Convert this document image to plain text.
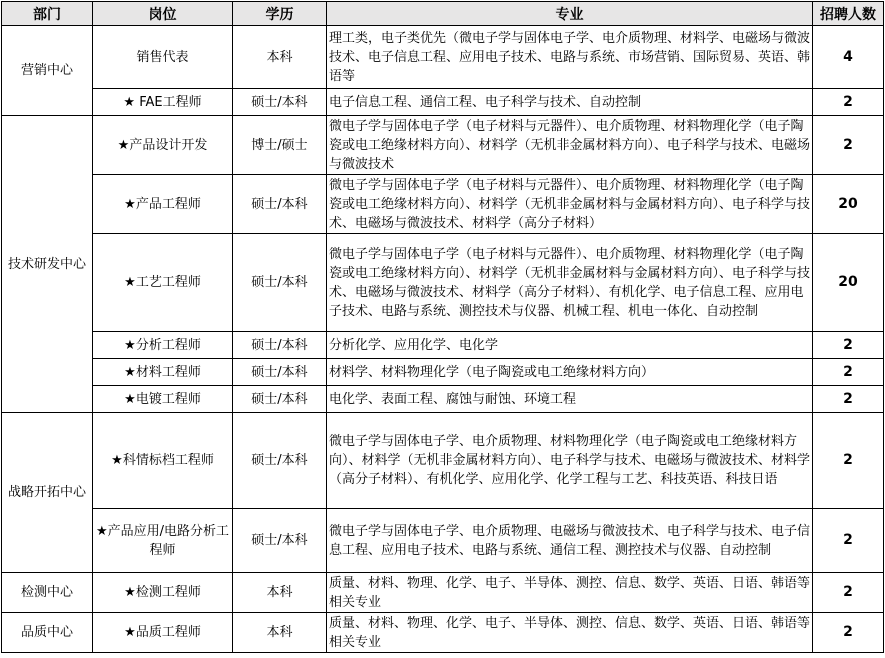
部门	岗位	学历	专业	招聘人数
营销中心	销售代表	本科	理工类，电子类优先（微电子学与固体电子学、电介质物理、材料学、电磁场与微波技术、电子信息工程、应用电子技术、电路与系统、市场营销、国际贸易、英语、韩语等	4
	★ FAE工程师	硕士/本科	电子信息工程、通信工程、电子科学与技术、自动控制	2
技术研发中心	★产品设计开发	博士/硕士	微电子学与固体电子学（电子材料与元器件）、电介质物理、材料物理化学（电子陶瓷或电工绝缘材料方向）、材料学（无机非金属材料方向）、电子科学与技术、电磁场与微波技术	2
	★产品工程师	硕士/本科	微电子学与固体电子学（电子材料与元器件）、电介质物理、材料物理化学（电子陶瓷或电工绝缘材料方向）、材料学（无机非金属材料与金属材料方向）、电子科学与技术、电磁场与微波技术、材料学（高分子材料）	20
	★工艺工程师	硕士/本科	微电子学与固体电子学（电子材料与元器件）、电介质物理、材料物理化学（电子陶瓷或电工绝缘材料方向）、材料学（无机非金属材料与金属材料方向）、电子科学与技术、电磁场与微波技术、材料学（高分子材料）、有机化学、电子信息工程、应用电子技术、电路与系统、测控技术与仪器、机械工程、机电一体化、自动控制	20
	★分析工程师	硕士/本科	分析化学、应用化学、电化学	2
	★材料工程师	硕士/本科	材料学、材料物理化学（电子陶瓷或电工绝缘材料方向）	2
	★电镀工程师	硕士/本科	电化学、表面工程、腐蚀与耐蚀、环境工程	2
战略开拓中心	★科情标档工程师	硕士/本科	微电子学与固体电子学、电介质物理、材料物理化学（电子陶瓷或电工绝缘材料方向）、材料学（无机非金属材料方向）、电子科学与技术、电磁场与微波技术、材料学（高分子材料）、有机化学、应用化学、化学工程与工艺、科技英语、科技日语	2
	★产品应用/电路分析工程师	硕士/本科	微电子学与固体电子学、电介质物理、电磁场与微波技术、电子科学与技术、电子信息工程、应用电子技术、电路与系统、通信工程、测控技术与仪器、自动控制	2
检测中心	★检测工程师	本科	质量、材料、物理、化学、电子、半导体、测控、信息、数学、英语、日语、韩语等相关专业	2
品质中心	★品质工程师	本科	质量、材料、物理、化学、电子、半导体、测控、信息、数学、英语、日语、韩语等相关专业	2
